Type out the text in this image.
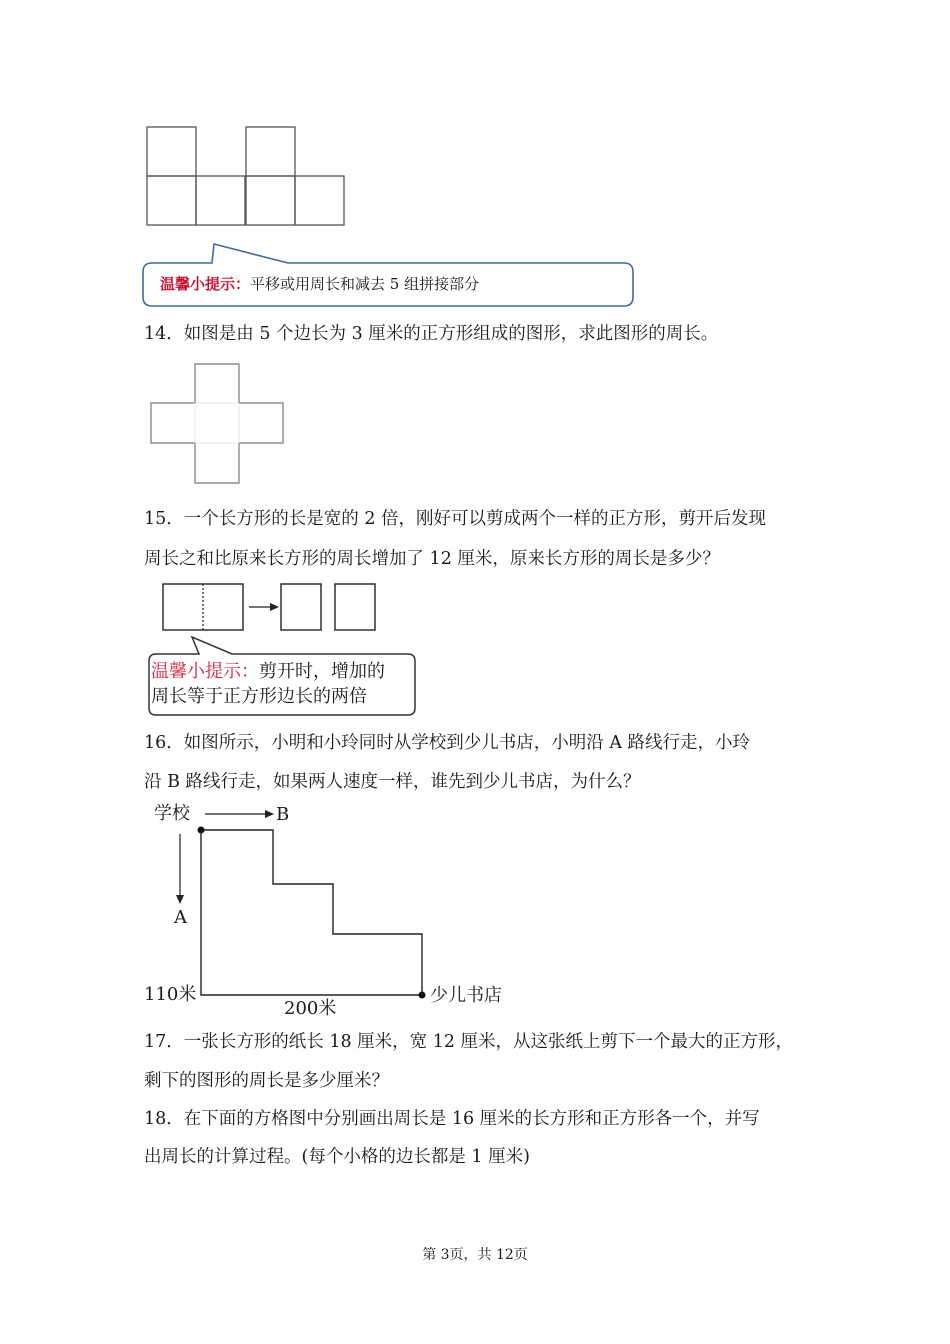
温馨小提示：平移或用周长和减去 5 组拼接部分
14．如图是由 5 个边长为 3 厘米的正方形组成的图形，求此图形的周长。
15．一个长方形的长是宽的 2 倍，刚好可以剪成两个一样的正方形，剪开后发现
周长之和比原来长方形的周长增加了 12 厘米，原来长方形的周长是多少？
温馨小提示：剪开时，增加的
周长等于正方形边长的两倍
16．如图所示，小明和小玲同时从学校到少儿书店，小明沿 A 路线行走，小玲
沿 B 路线行走，如果两人速度一样，谁先到少儿书店，为什么？
学校	B
A
110米
200米
少儿书店
17．一张长方形的纸长 18 厘米，宽 12 厘米，从这张纸上剪下一个最大的正方形，
剩下的图形的周长是多少厘米？
18．在下面的方格图中分别画出周长是 16 厘米的长方形和正方形各一个，并写
出周长的计算过程。(每个小格的边长都是 1 厘米)
第 3页，共 12页
